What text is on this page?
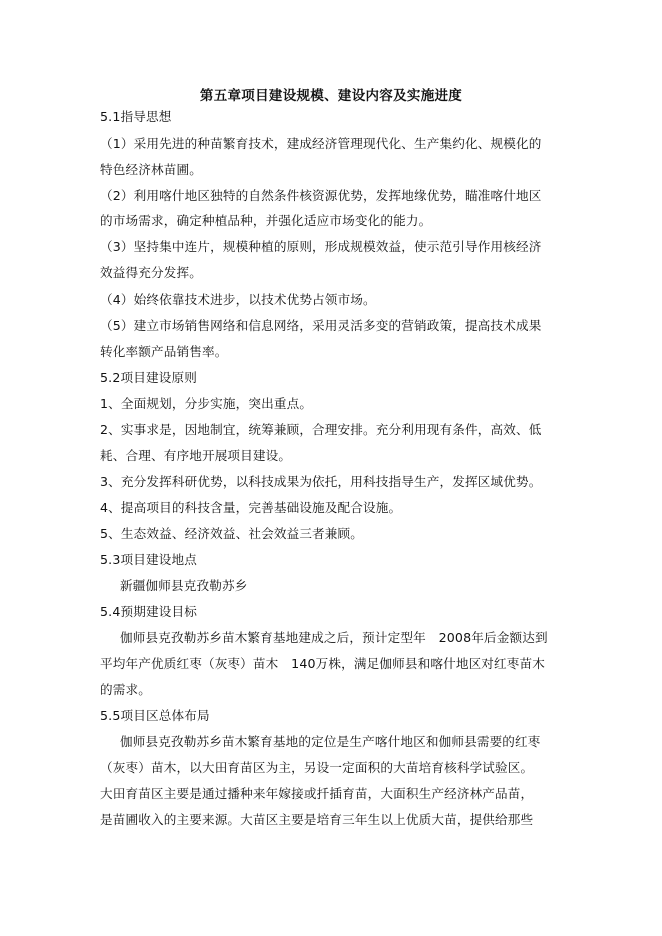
第五章项目建设规模、建设内容及实施进度
5.1指导思想
（1）采用先进的种苗繁育技术，建成经济管理现代化、生产集约化、规模化的
特色经济林苗圃。
（2）利用喀什地区独特的自然条件核资源优势，发挥地缘优势，瞄准喀什地区
的市场需求，确定种植品种，并强化适应市场变化的能力。
（3）坚持集中连片，规模种植的原则，形成规模效益，使示范引导作用核经济
效益得充分发挥。
（4）始终依靠技术进步，以技术优势占领市场。
（5）建立市场销售网络和信息网络，采用灵活多变的营销政策，提高技术成果
转化率额产品销售率。
5.2项目建设原则
1、全面规划，分步实施，突出重点。
2、实事求是，因地制宜，统筹兼顾，合理安排。充分利用现有条件，高效、低
耗、合理、有序地开展项目建设。
3、充分发挥科研优势，以科技成果为依托，用科技指导生产，发挥区域优势。
4、提高项目的科技含量，完善基础设施及配合设施。
5、生态效益、经济效益、社会效益三者兼顾。
5.3项目建设地点
新疆伽师县克孜勒苏乡
5.4预期建设目标
伽师县克孜勒苏乡苗木繁育基地建成之后，预计定型年　2008年后金额达到
平均年产优质红枣（灰枣）苗木　140万株，满足伽师县和喀什地区对红枣苗木
的需求。
5.5项目区总体布局
伽师县克孜勒苏乡苗木繁育基地的定位是生产喀什地区和伽师县需要的红枣
（灰枣）苗木，以大田育苗区为主，另设一定面积的大苗培育核科学试验区。
大田育苗区主要是通过播种来年嫁接或扦插育苗，大面积生产经济林产品苗，
是苗圃收入的主要来源。大苗区主要是培育三年生以上优质大苗，提供给那些
